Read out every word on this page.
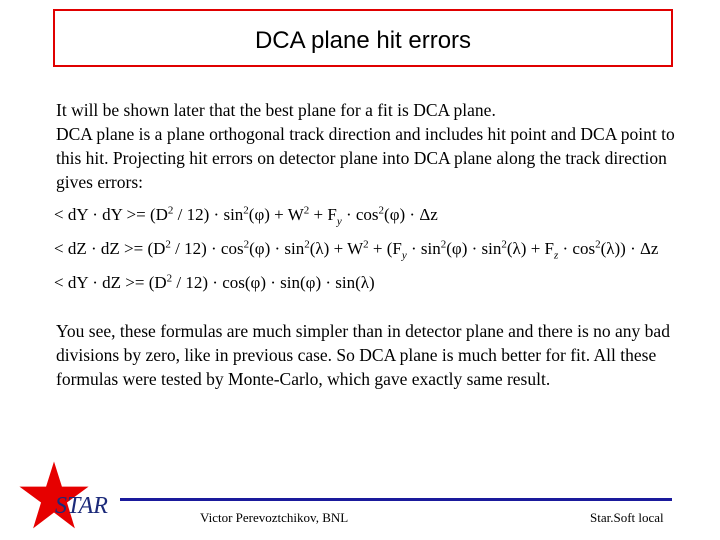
DCA plane hit errors
It will be shown later that the best plane for a fit is DCA plane.
DCA plane is a plane orthogonal track direction and includes hit point and DCA point to this hit. Projecting hit errors on detector plane into DCA plane along the track direction gives errors:
< dY · dY >= $(D^2 / 12) \cdot \sin^2(\varphi) + W^2 + F_y \cdot \cos^2(\varphi) \cdot \Delta z$
< dZ · dZ >= $(D^2 / 12) \cdot \cos^2(\varphi) \cdot \sin^2(\lambda) + W^2 + (F_y \cdot \sin^2(\varphi) \cdot \sin^2(\lambda) + F_z \cdot \cos^2(\lambda)) \cdot \Delta z$
< dY · dZ >= $(D^2 / 12) \cdot \cos(\varphi) \cdot \sin(\varphi) \cdot \sin(\lambda)$
You see, these formulas are much simpler than in detector plane and there is no any bad divisions by zero, like in previous case. So DCA plane is much better for fit. All these formulas were tested by Monte-Carlo, which gave exactly same result.
STAR	Victor Perevoztchikov, BNL	Star.Soft local
